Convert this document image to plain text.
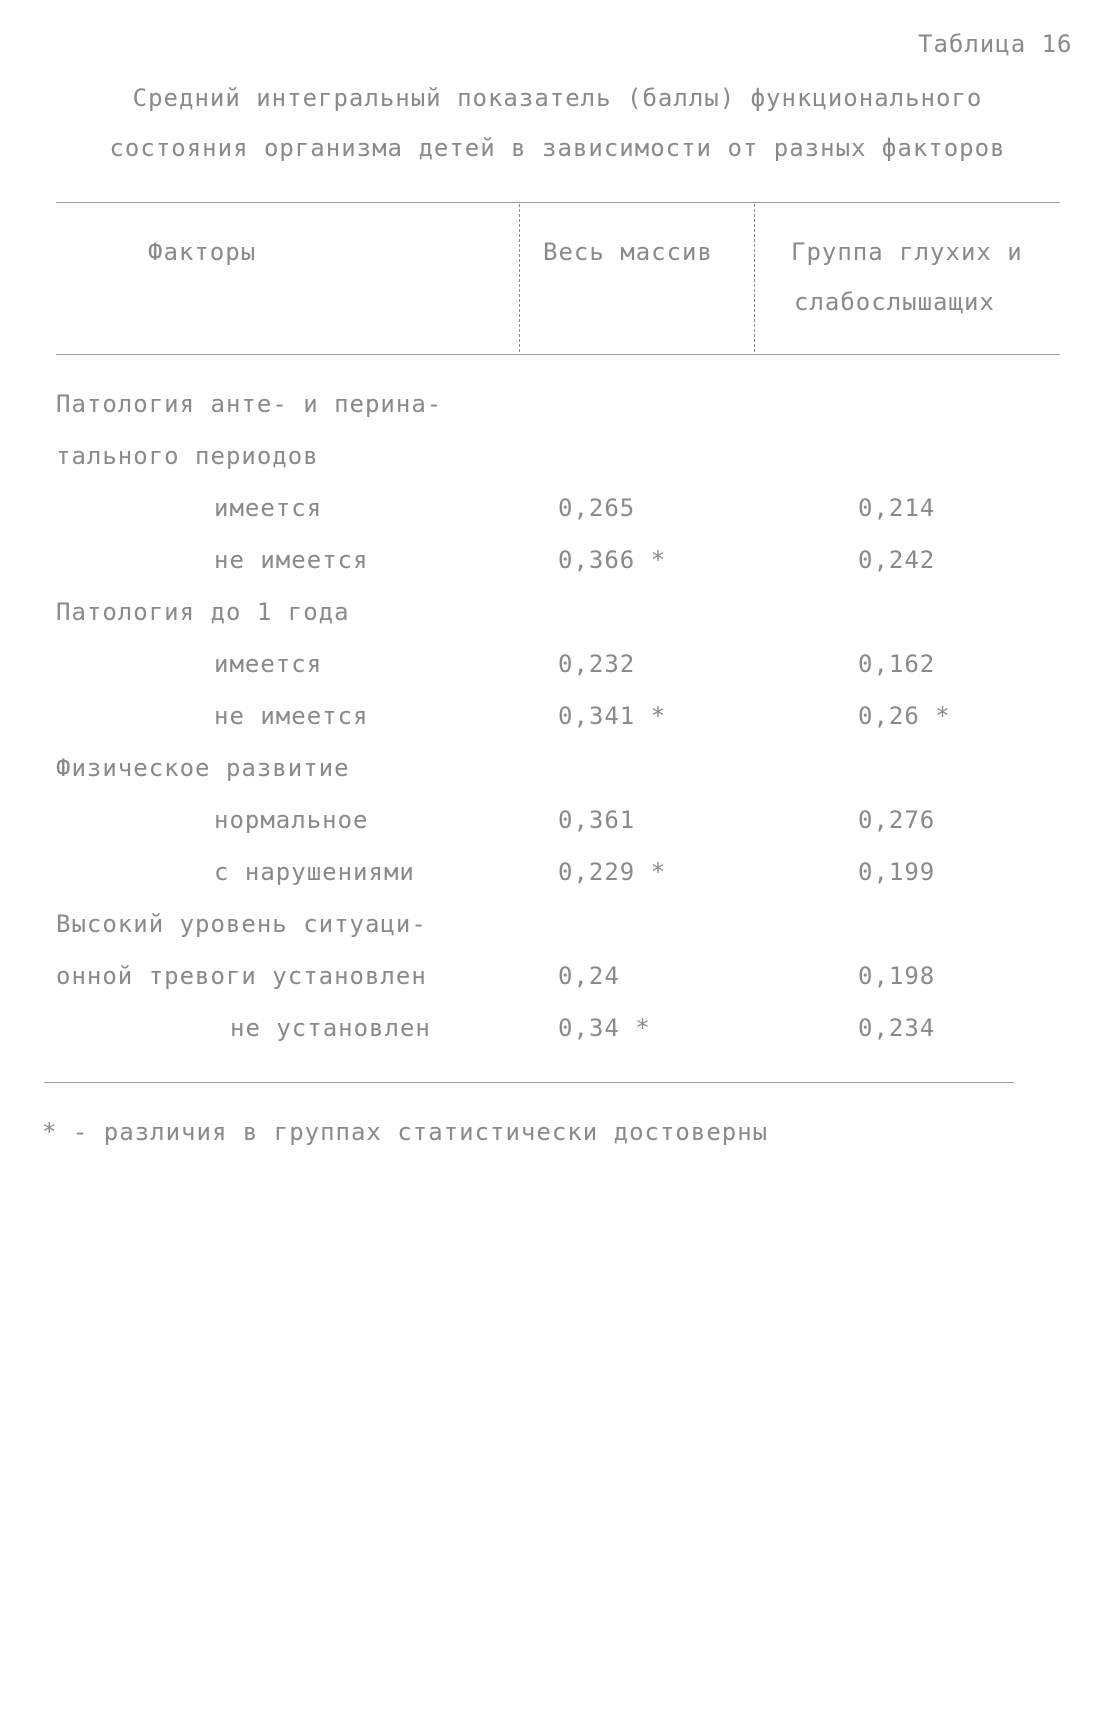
Таблица 16
Средний интегральный показатель (баллы) функционального
состояния организма детей в зависимости от разных факторов
Факторы	Весь массив	Группа глухих и
слабослышащих
Патология анте- и перина-
тального периодов
имеется	0,265	0,214
не имеется	0,366 *	0,242
Патология до 1 года
имеется	0,232	0,162
не имеется	0,341 *	0,26 *
Физическое развитие
нормальное	0,361	0,276
с нарушениями	0,229 *	0,199
Высокий уровень ситуаци-
онной тревоги установлен	0,24	0,198
не установлен	0,34 *	0,234
* - различия в группах статистически достоверны
